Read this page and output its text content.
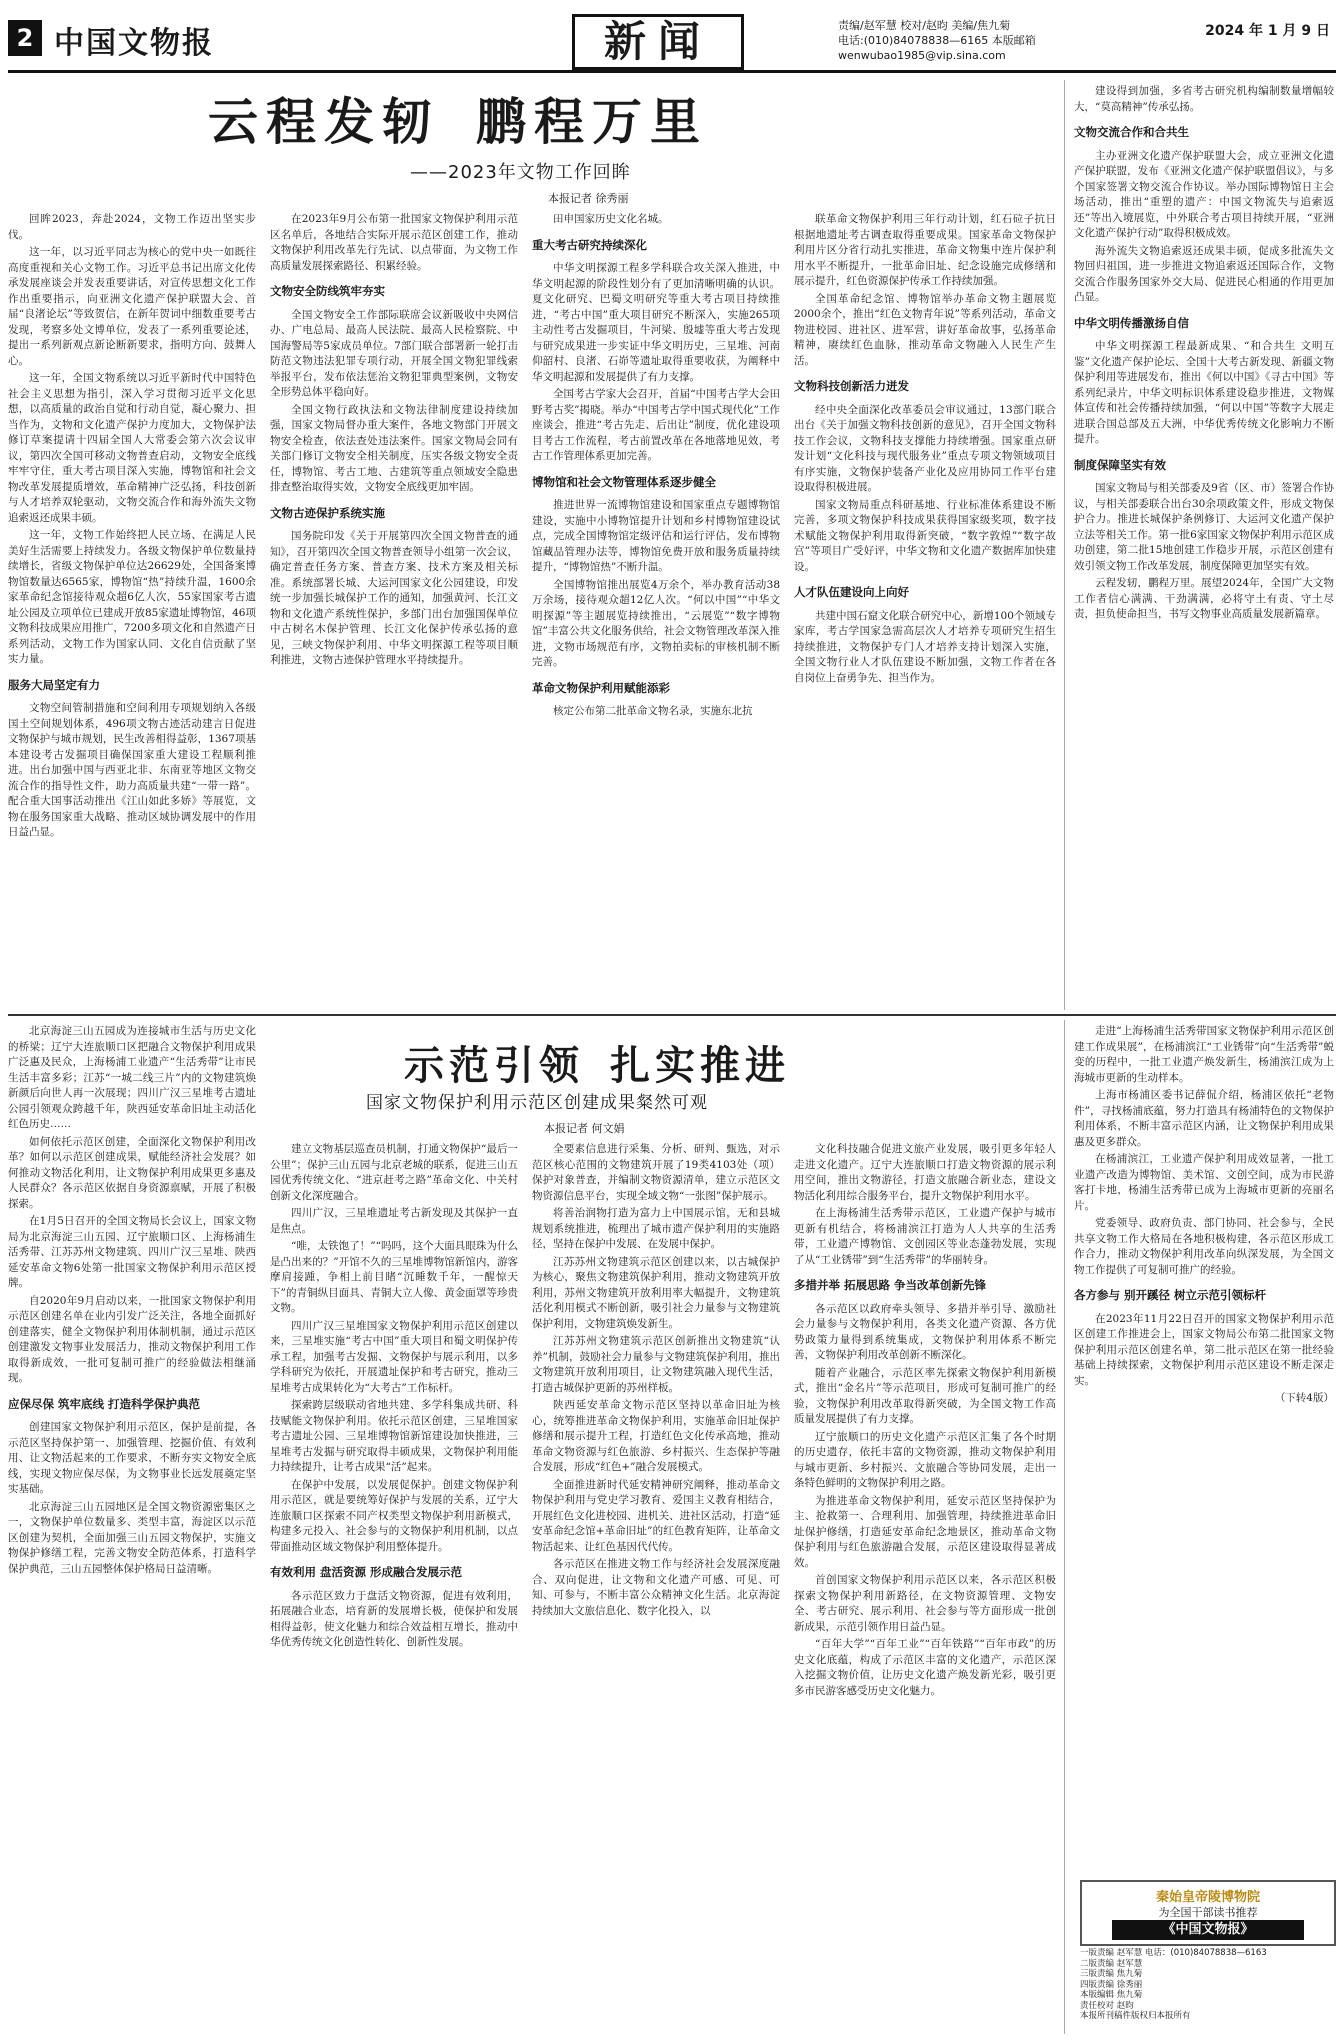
2 中国文物报	新闻	责编/赵军慧 校对/赵昀 美编/焦九菊
电话:(010)84078838—6165 本版邮箱 wenwubao1985@vip.sina.com
2024 年 1 月 9 日
云程发轫 鹏程万里
——2023年文物工作回眸
本报记者 徐秀丽

回眸2023，奔赴2024，文物工作迈出坚实步伐。

这一年，以习近平同志为核心的党中央一如既往高度重视和关心文物工作。习近平总书记出席文化传承发展座谈会并发表重要讲话，对宣传思想文化工作作出重要指示，向亚洲文化遗产保护联盟大会、首届“良渚论坛”等致贺信，在新年贺词中细数重要考古发现，考察多处文博单位，发表了一系列重要论述，提出一系列新观点新论断新要求，指明方向、鼓舞人心。

这一年，全国文物系统以习近平新时代中国特色社会主义思想为指引，深入学习贯彻习近平文化思想，以高质量的政治自觉和行动自觉，凝心聚力、担当作为，文物和文化遗产保护力度加大，文物保护法修订草案提请十四届全国人大常委会第六次会议审议，第四次全国可移动文物普查启动，文物安全底线牢牢守住，重大考古项目深入实施，博物馆和社会文物改革发展提质增效，革命精神广泛弘扬，科技创新与人才培养双轮驱动，文物交流合作和海外流失文物追索返还成果丰硕。

这一年，文物工作始终把人民立场、在满足人民美好生活需要上持续发力。各级文物保护单位数量持续增长，省级文物保护单位达26629处，全国备案博物馆数量达6565家，博物馆“热”持续升温，1600余家革命纪念馆接待观众超6亿人次，55家国家考古遗址公园及立项单位已建成开放85家遗址博物馆，46项文物科技成果应用推广，7200多项文化和自然遗产日系列活动，文物工作为国家认同、文化自信贡献了坚实力量。

服务大局坚定有力

文物空间管制措施和空间利用专项规划纳入各级国土空间规划体系，496项文物古迹活动建言日促进文物保护与城市规划，民生改善相得益彰，1367项基本建设考古发掘项目确保国家重大建设工程顺利推进。出台加强中国与西亚北非、东南亚等地区文物交流合作的指导性文件，助力高质量共建“一带一路”。配合重大国事活动推出《江山如此多娇》等展览，文物在服务国家重大战略、推动区域协调发展中的作用日益凸显。

在2023年9月公布第一批国家文物保护利用示范区名单后，各地结合实际开展示范区创建工作，推动文物保护利用改革先行先试、以点带面，为文物工作高质量发展探索路径、积累经验。

文物安全防线筑牢夯实

全国文物安全工作部际联席会议新吸收中央网信办、广电总局、最高人民法院、最高人民检察院、中国海警局等5家成员单位。7部门联合部署新一轮打击防范文物违法犯罪专项行动，开展全国文物犯罪线索举报平台，发布依法惩治文物犯罪典型案例，文物安全形势总体平稳向好。

全国文物行政执法和文物法律制度建设持续加强，国家文物局督办重大案件，各地文物部门开展文物安全检查，依法查处违法案件。国家文物局会同有关部门修订文物安全相关制度，压实各级文物安全责任，博物馆、考古工地、古建筑等重点领域安全隐患排查整治取得实效，文物安全底线更加牢固。

文物古迹保护系统实施

国务院印发《关于开展第四次全国文物普查的通知》，召开第四次全国文物普查领导小组第一次会议，确定普查任务方案、普查方案、技术方案及相关标准。系统部署长城、大运河国家文化公园建设，印发统一步加强长城保护工作的通知，加强黄河、长江文物和文化遗产系统性保护，多部门出台加强国保单位中古树名木保护管理、长江文化保护传承弘扬的意见，三峡文物保护利用、中华文明探源工程等项目顺利推进，文物古迹保护管理水平持续提升。

田申国家历史文化名城。

重大考古研究持续深化

中华文明探源工程多学科联合攻关深入推进，中华文明起源的阶段性划分有了更加清晰明确的认识。夏文化研究、巴蜀文明研究等重大考古项目持续推进，“考古中国”重大项目研究不断深入，实施265项主动性考古发掘项目，牛河梁、殷墟等重大考古发现与研究成果进一步实证中华文明历史，三星堆、河南仰韶村、良渚、石峁等遗址取得重要收获，为阐释中华文明起源和发展提供了有力支撑。

全国考古学家大会召开，首届“中国考古学大会田野考古奖”揭晓。举办“中国考古学中国式现代化”工作座谈会，推进“考古先走、后出让”制度，优化建设项目考古工作流程，考古前置改革在各地落地见效，考古工作管理体系更加完善。

博物馆和社会文物管理体系逐步健全

推进世界一流博物馆建设和国家重点专题博物馆建设，实施中小博物馆提升计划和乡村博物馆建设试点，完成全国博物馆定级评估和运行评估，发布博物馆藏品管理办法等，博物馆免费开放和服务质量持续提升，“博物馆热”不断升温。

全国博物馆推出展览4万余个，举办教育活动38万余场，接待观众超12亿人次。“何以中国”“中华文明探源”等主题展览持续推出，“云展览”“数字博物馆”丰富公共文化服务供给，社会文物管理改革深入推进，文物市场规范有序，文物拍卖标的审核机制不断完善。

革命文物保护利用赋能添彩

核定公布第二批革命文物名录，实施东北抗

联革命文物保护利用三年行动计划，红石砬子抗日根据地遗址考古调查取得重要成果。国家革命文物保护利用片区分省行动扎实推进，革命文物集中连片保护利用水平不断提升，一批革命旧址、纪念设施完成修缮和展示提升，红色资源保护传承工作持续加强。

全国革命纪念馆、博物馆举办革命文物主题展览2000余个，推出“红色文物青年说”等系列活动，革命文物进校园、进社区、进军营，讲好革命故事，弘扬革命精神，赓续红色血脉，推动革命文物融入人民生产生活。

文物科技创新活力迸发

经中央全面深化改革委员会审议通过，13部门联合出台《关于加强文物科技创新的意见》，召开全国文物科技工作会议，文物科技支撑能力持续增强。国家重点研发计划“文化科技与现代服务业”重点专项文物领域项目有序实施，文物保护装备产业化及应用协同工作平台建设取得积极进展。

国家文物局重点科研基地、行业标准体系建设不断完善，多项文物保护科技成果获得国家级奖项，数字技术赋能文物保护利用取得新突破，“数字敦煌”“数字故宫”等项目广受好评，中华文物和文化遗产数据库加快建设。

人才队伍建设向上向好

共建中国石窟文化联合研究中心，新增100个领域专家库，考古学国家急需高层次人才培养专项研究生招生持续推进，文物保护专门人才培养支持计划深入实施，全国文物行业人才队伍建设不断加强，文物工作者在各自岗位上奋勇争先、担当作为。

建设得到加强，多省考古研究机构编制数量增幅较大，“莫高精神”传承弘扬。

文物交流合作和合共生

主办亚洲文化遗产保护联盟大会，成立亚洲文化遗产保护联盟，发布《亚洲文化遗产保护联盟倡议》，与多个国家签署文物交流合作协议。举办国际博物馆日主会场活动，推出“重塑的遗产：中国文物流失与追索返还”等出入境展览，中外联合考古项目持续开展，“亚洲文化遗产保护行动”取得积极成效。

海外流失文物追索返还成果丰硕，促成多批流失文物回归祖国，进一步推进文物追索返还国际合作，文物交流合作服务国家外交大局、促进民心相通的作用更加凸显。

中华文明传播激扬自信

中华文明探源工程最新成果、“和合共生 文明互鉴”文化遗产保护论坛、全国十大考古新发现、新疆文物保护利用等进展发布，推出《何以中国》《寻古中国》等系列纪录片，中华文明标识体系建设稳步推进，文物媒体宣传和社会传播持续加强，“何以中国”等数字大展走进联合国总部及五大洲，中华优秀传统文化影响力不断提升。

制度保障坚实有效

国家文物局与相关部委及9省（区、市）签署合作协议，与相关部委联合出台30余项政策文件，形成文物保护合力。推进长城保护条例修订、大运河文化遗产保护立法等相关工作。第一批6家国家文物保护利用示范区成功创建，第二批15地创建工作稳步开展，示范区创建有效引领文物工作改革发展，制度保障更加坚实有效。

云程发轫，鹏程万里。展望2024年，全国广大文物工作者信心满满、干劲满满，必将守土有责、守土尽责，担负使命担当，书写文物事业高质量发展新篇章。

示范引领 扎实推进
国家文物保护利用示范区创建成果粲然可观
本报记者 何文娟

北京海淀三山五园成为连接城市生活与历史文化的桥梁；辽宁大连旅顺口区把融合文物保护利用成果广泛惠及民众，上海杨浦工业遗产“生活秀带”让市民生活丰富多彩；江苏“一城二线三片”内的文物建筑焕新颜后向世人再一次展现；四川广汉三星堆考古遗址公园引领观众跨越千年，陕西延安革命旧址主动活化红色历史……

如何依托示范区创建，全面深化文物保护利用改革？如何以示范区创建成果，赋能经济社会发展？如何推动文物活化利用，让文物保护利用成果更多惠及人民群众？各示范区依据自身资源禀赋，开展了积极探索。

在1月5日召开的全国文物局长会议上，国家文物局为北京海淀三山五园、辽宁旅顺口区、上海杨浦生活秀带、江苏苏州文物建筑、四川广汉三星堆、陕西延安革命文物6处第一批国家文物保护利用示范区授牌。

自2020年9月启动以来，一批国家文物保护利用示范区创建名单在业内引发广泛关注，各地全面抓好创建落实，健全文物保护利用体制机制，通过示范区创建激发文物事业发展活力，推动文物保护利用工作取得新成效，一批可复制可推广的经验做法相继涌现。

应保尽保 筑牢底线 打造科学保护典范

创建国家文物保护利用示范区，保护是前提，各示范区坚持保护第一、加强管理、挖掘价值、有效利用、让文物活起来的工作要求，不断夯实文物安全底线，实现文物应保尽保，为文物事业长远发展奠定坚实基础。

北京海淀三山五园地区是全国文物资源密集区之一，文物保护单位数量多、类型丰富，海淀区以示范区创建为契机，全面加强三山五园文物保护，实施文物保护修缮工程，完善文物安全防范体系，打造科学保护典范，三山五园整体保护格局日益清晰。

建立文物基层巡查员机制，打通文物保护“最后一公里”；保护三山五园与北京老城的联系，促进三山五园优秀传统文化、“进京赶考之路”革命文化、中关村创新文化深度融合。

四川广汉，三星堆遗址考古新发现及其保护一直是焦点。

“唯，太铁饱了！”“吗吗，这个大面具眼珠为什么是凸出来的？”开馆不久的三星堆博物馆新馆内，游客摩肩接踵，争相上前目睹“沉睡数千年，一醒惊天下”的青铜纵目面具、青铜大立人像、黄金面罩等珍贵文物。

四川广汉三星堆国家文物保护利用示范区创建以来，三星堆实施“考古中国”重大项目和蜀文明保护传承工程，加强考古发掘、文物保护与展示利用，以多学科研究为依托，开展遗址保护和考古研究，推动三星堆考古成果转化为“大考古”工作标杆。

探索跨层级联动省地共建、多学科集成共研、科技赋能文物保护利用。依托示范区创建，三星堆国家考古遗址公园、三星堆博物馆新馆建设加快推进，三星堆考古发掘与研究取得丰硕成果，文物保护利用能力持续提升，让考古成果“活”起来。

在保护中发展，以发展促保护。创建文物保护利用示范区，就是要统筹好保护与发展的关系，辽宁大连旅顺口区探索不同产权类型文物保护利用新模式，构建多元投入、社会参与的文物保护利用机制，以点带面推动区域文物保护利用整体提升。

有效利用 盘活资源 形成融合发展示范

各示范区致力于盘活文物资源，促进有效利用，拓展融合业态，培育新的发展增长极，使保护和发展相得益彰，使文化魅力和综合效益相互增长，推动中华优秀传统文化创造性转化、创新性发展。

全要素信息进行采集、分析、研判、甄选，对示范区核心范围的文物建筑开展了19类4103处（项）保护对象普查，并编制文物资源清单，建立示范区文物资源信息平台，实现全域文物“一张图”保护展示。

将善治润物打造为富力上中国展示馆，无和县城规划系统推进，梳理出了城市遗产保护利用的实施路径，坚持在保护中发展、在发展中保护。

江苏苏州文物建筑示范区创建以来，以古城保护为核心，聚焦文物建筑保护利用，推动文物建筑开放利用，苏州文物建筑开放利用率大幅提升，文物建筑活化利用模式不断创新，吸引社会力量参与文物建筑保护利用，文物建筑焕发新生。

江苏苏州文物建筑示范区创新推出文物建筑“认养”机制，鼓励社会力量参与文物建筑保护利用，推出文物建筑开放利用项目，让文物建筑融入现代生活，打造古城保护更新的苏州样板。

陕西延安革命文物示范区坚持以革命旧址为核心，统筹推进革命文物保护利用，实施革命旧址保护修缮和展示提升工程，打造红色文化传承高地，推动革命文物资源与红色旅游、乡村振兴、生态保护等融合发展，形成“红色+”融合发展模式。

全面推进新时代延安精神研究阐释，推动革命文物保护利用与党史学习教育、爱国主义教育相结合，开展红色文化进校园、进机关、进社区活动，打造“延安革命纪念馆+革命旧址”的红色教育矩阵，让革命文物活起来、让红色基因代代传。

各示范区在推进文物工作与经济社会发展深度融合、双向促进，让文物和文化遗产可感、可见、可知、可参与，不断丰富公众精神文化生活。北京海淀持续加大文旅信息化、数字化投入，以

文化科技融合促进文旅产业发展，吸引更多年轻人走进文化遗产。辽宁大连旅顺口打造文物资源的展示利用空间，推出文物游径，打造文旅融合新业态，建设文物活化利用综合服务平台，提升文物保护利用水平。

在上海杨浦生活秀带示范区，工业遗产保护与城市更新有机结合，将杨浦滨江打造为人人共享的生活秀带，工业遗产博物馆、文创园区等业态蓬勃发展，实现了从“工业锈带”到“生活秀带”的华丽转身。

多措并举 拓展思路 争当改革创新先锋

各示范区以政府牵头领导、多措并举引导、激励社会力量参与文物保护利用，各类文化遗产资源、各方优势政策力量得到系统集成，文物保护利用体系不断完善，文物保护利用改革创新不断深化。

随着产业融合，示范区率先探索文物保护利用新模式，推出“金名片”等示范项目，形成可复制可推广的经验，文物保护利用改革取得新突破，为全国文物工作高质量发展提供了有力支撑。

辽宁旅顺口的历史文化遗产示范区汇集了各个时期的历史遗存，依托丰富的文物资源，推动文物保护利用与城市更新、乡村振兴、文旅融合等协同发展，走出一条特色鲜明的文物保护利用之路。

为推进革命文物保护利用，延安示范区坚持保护为主、抢救第一、合理利用、加强管理，持续推进革命旧址保护修缮，打造延安革命纪念地景区，推动革命文物保护利用与红色旅游融合发展，示范区建设取得显著成效。

首创国家文物保护利用示范区以来，各示范区积极探索文物保护利用新路径，在文物资源管理、文物安全、考古研究、展示利用、社会参与等方面形成一批创新成果，示范引领作用日益凸显。

“百年大学”“百年工业”“百年铁路”“百年市政”的历史文化底蕴，构成了示范区丰富的文化遗产，示范区深入挖掘文物价值，让历史文化遗产焕发新光彩，吸引更多市民游客感受历史文化魅力。

走进“上海杨浦生活秀带国家文物保护利用示范区创建工作成果展”，在杨浦滨江“工业锈带”向“生活秀带”蜕变的历程中，一批工业遗产焕发新生，杨浦滨江成为上海城市更新的生动样本。

上海市杨浦区委书记薛侃介绍，杨浦区依托“老物件”，寻找杨浦底蕴，努力打造具有杨浦特色的文物保护利用体系，不断丰富示范区内涵，让文物保护利用成果惠及更多群众。

在杨浦滨江，工业遗产保护利用成效显著，一批工业遗产改造为博物馆、美术馆、文创空间，成为市民游客打卡地，杨浦生活秀带已成为上海城市更新的亮丽名片。

党委领导、政府负责、部门协同、社会参与，全民共享文物工作大格局在各地积极构建，各示范区形成工作合力，推动文物保护利用改革向纵深发展，为全国文物工作提供了可复制可推广的经验。

各方参与 别开蹊径 树立示范引领标杆

在2023年11月22日召开的国家文物保护利用示范区创建工作推进会上，国家文物局公布第二批国家文物保护利用示范区创建名单，第二批示范区在第一批经验基础上持续探索，文物保护利用示范区建设不断走深走实。

（下转4版）

秦始皇帝陵博物院
为全国干部读书推荐
《中国文物报》
一版责编 赵军慧 电话：(010)84078838—6163
二版责编 赵军慧
三版责编 焦九菊
四版责编 徐秀丽
本版编辑 焦九菊
责任校对 赵昀
本报所刊稿件版权归本报所有
